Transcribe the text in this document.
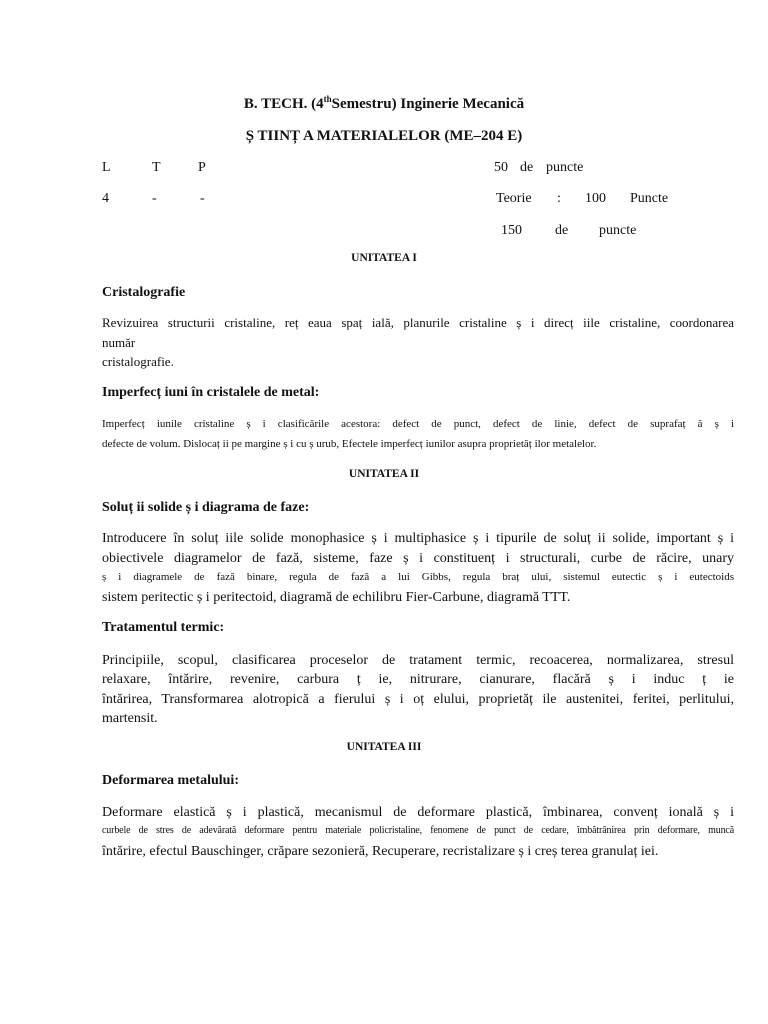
B. TECH. (4thSemestru) Inginerie Mecanică
Ș TIINȚ A MATERIALELOR (ME–204 E)
L	T	P
4	-	-
50 de puncte
Teorie : 100 Puncte
150 de puncte
UNITATEA I
Cristalografie
Revizuirea structurii cristaline, reț eaua spaț ială, planurile cristaline ș i direcț iile cristaline, coordonarea
număr
cristalografie.
Imperfecț iuni în cristalele de metal:
Imperfecț iunile cristaline ș i clasificările acestora: defect de punct, defect de linie, defect de suprafaț ă ș i
defecte de volum. Dislocaț ii pe margine ș i cu ș urub, Efectele imperfecț iunilor asupra proprietăț ilor metalelor.
UNITATEA II
Soluț ii solide ș i diagrama de faze:
Introducere în soluț iile solide monophasice ș i multiphasice ș i tipurile de soluț ii solide, important ș i
obiectivele diagramelor de fază, sisteme, faze ș i constituenț i structurali, curbe de răcire, unary
ș i diagramele de fază binare, regula de fază a lui Gibbs, regula braț ului, sistemul eutectic ș i eutectoids
sistem peritectic ș i peritectoid, diagramă de echilibru Fier-Carbune, diagramă TTT.
Tratamentul termic:
Principiile, scopul, clasificarea proceselor de tratament termic, recoacerea, normalizarea, stresul
relaxare, întărire, revenire, carbura ț ie, nitrurare, cianurare, flacără ș i induc ț ie
întărirea, Transformarea alotropică a fierului ș i oț elului, proprietăț ile austenitei, feritei, perlitului,
martensit.
UNITATEA III
Deformarea metalului:
Deformare elastică ș i plastică, mecanismul de deformare plastică, îmbinarea, convenț ională ș i
curbele de stres de adevărată deformare pentru materiale policristaline, fenomene de punct de cedare, îmbătrânirea prin deformare, muncă
întărire, efectul Bauschinger, crăpare sezonieră, Recuperare, recristalizare ș i creș terea granulaț iei.
